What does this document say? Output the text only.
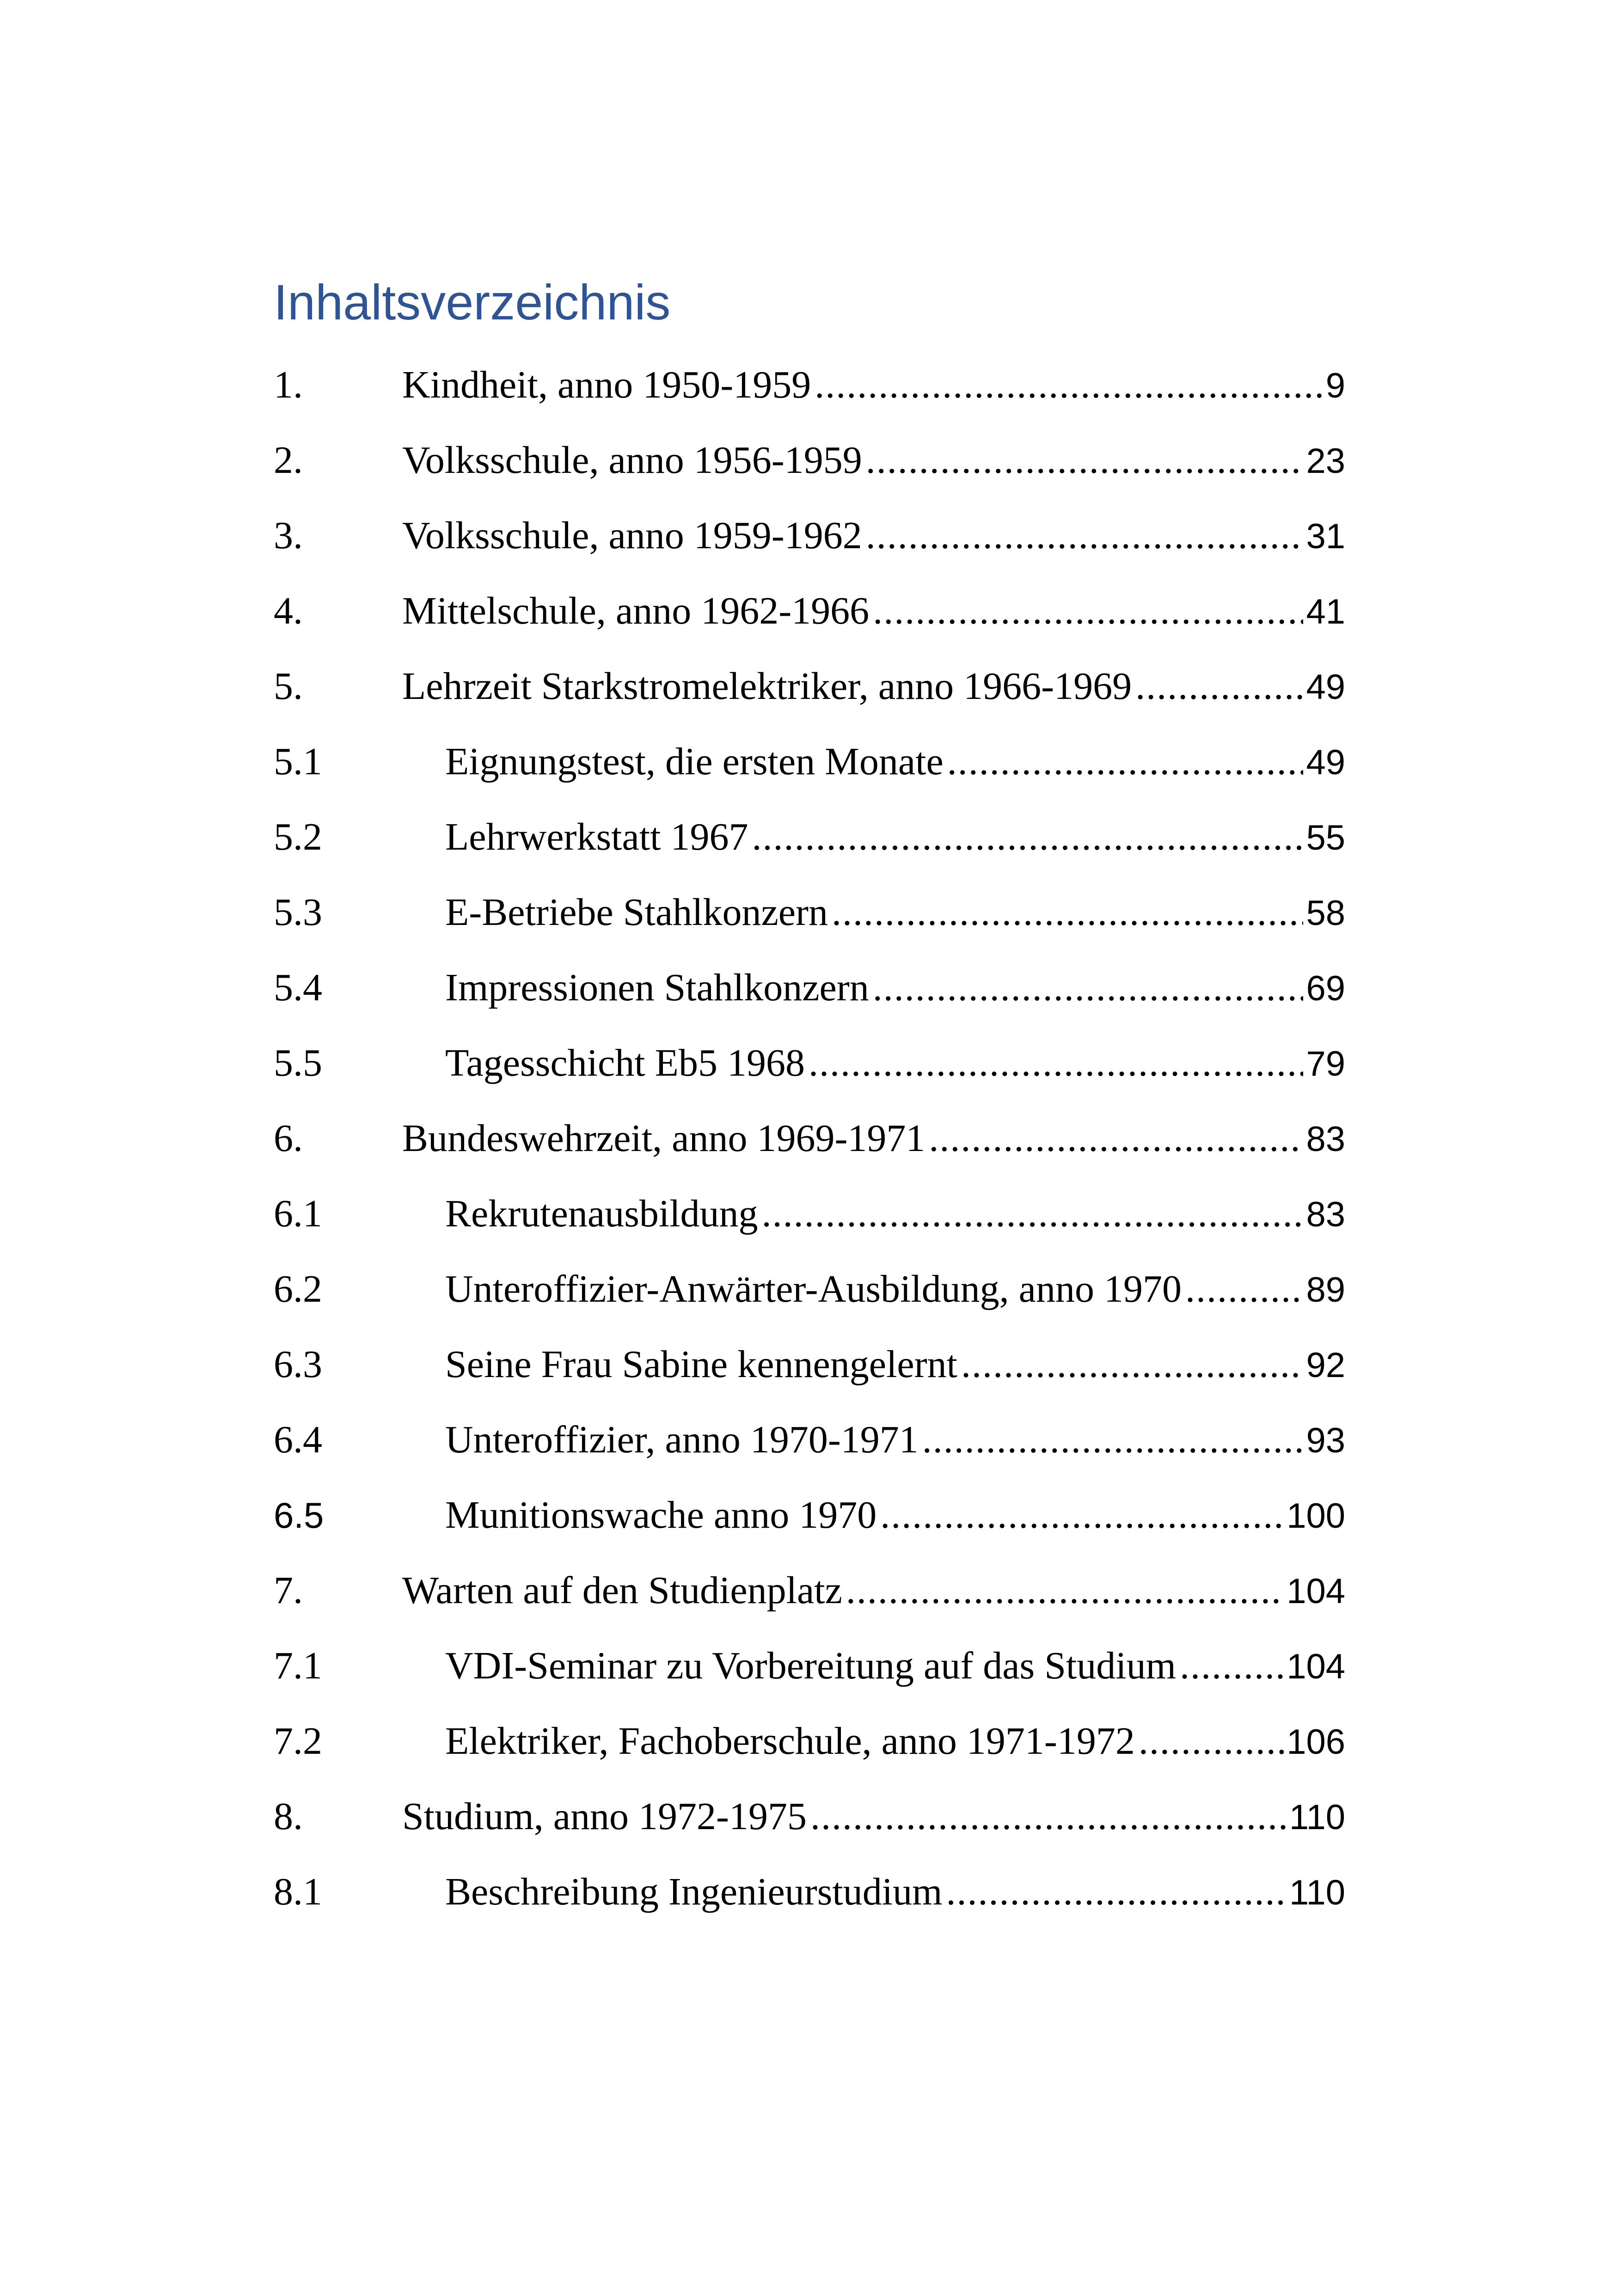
Inhaltsverzeichnis
1.	Kindheit, anno 1950-1959 .....	9
2.	Volksschule, anno 1956-1959 .....	23
3.	Volksschule, anno 1959-1962 .....	31
4.	Mittelschule, anno 1962-1966 .....	41
5.	Lehrzeit Starkstromelektriker, anno 1966-1969 .....	49
5.1	Eignungstest, die ersten Monate .....	49
5.2	Lehrwerkstatt 1967 .....	55
5.3	E-Betriebe Stahlkonzern .....	58
5.4	Impressionen Stahlkonzern .....	69
5.5	Tagesschicht Eb5 1968 .....	79
6.	Bundeswehrzeit, anno 1969-1971 .....	83
6.1	Rekrutenausbildung .....	83
6.2	Unteroffizier-Anwärter-Ausbildung, anno 1970 .....	89
6.3	Seine Frau Sabine kennengelernt .....	92
6.4	Unteroffizier, anno 1970-1971 .....	93
6.5	Munitionswache anno 1970 .....	100
7.	Warten auf den Studienplatz .....	104
7.1	VDI-Seminar zu Vorbereitung auf das Studium .....	104
7.2	Elektriker, Fachoberschule, anno 1971-1972 .....	106
8.	Studium, anno 1972-1975 .....	110
8.1	Beschreibung Ingenieurstudium .....	110
